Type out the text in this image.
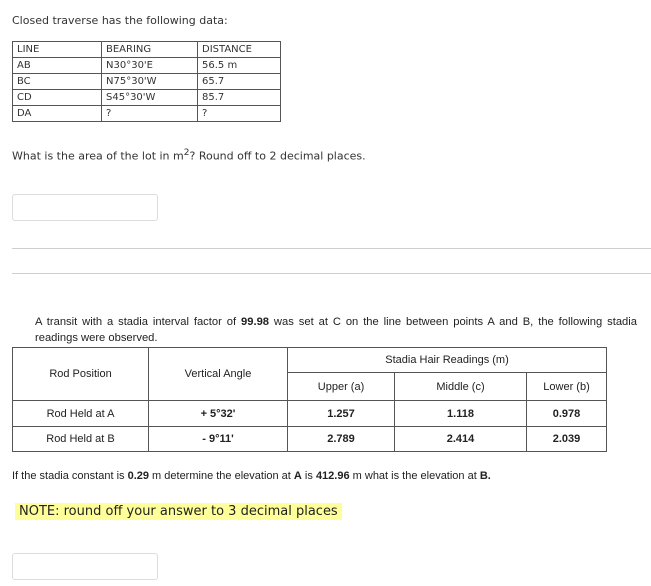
Closed traverse has the following data:
LINE	BEARING	DISTANCE
AB	N30°30'E	56.5 m
BC	N75°30'W	65.7
CD	S45°30'W	85.7
DA	?	?
What is the area of the lot in $m^2$? Round off to 2 decimal places.
A transit with a stadia interval factor of 99.98 was set at C on the line between points A and B, the following stadia readings were observed.
Rod Position	Vertical Angle	Stadia Hair Readings (m)		
		Upper (a)	Middle (c)	Lower (b)
Rod Held at A	+ 5°32'	1.257	1.118	0.978
Rod Held at B	- 9°11'	2.789	2.414	2.039
If the stadia constant is 0.29 m determine the elevation at A is 412.96 m what is the elevation at B.
NOTE: round off your answer to 3 decimal places
